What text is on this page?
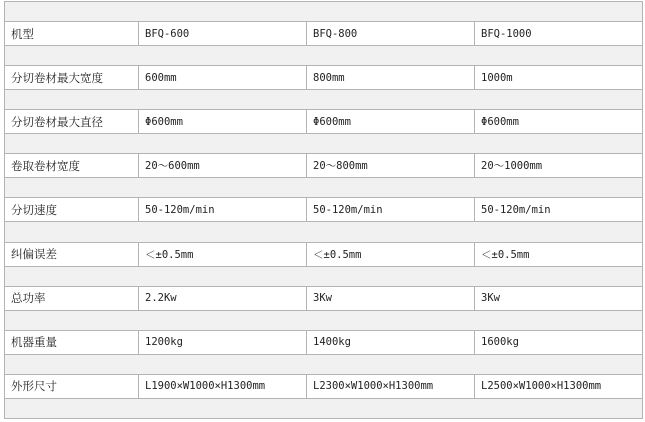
机型	BFQ-600	BFQ-800	BFQ-1000

分切卷材最大宽度	600mm	800mm	1000m

分切卷材最大直径	Φ600mm	Φ600mm	Φ600mm

卷取卷材宽度	20～600mm	20～800mm	20～1000mm

分切速度	50-120m/min	50-120m/min	50-120m/min

纠偏误差	＜±0.5mm	＜±0.5mm	＜±0.5mm

总功率	2.2Kw	3Kw	3Kw

机器重量	1200kg	1400kg	1600kg

外形尺寸	L1900×W1000×H1300mm	L2300×W1000×H1300mm	L2500×W1000×H1300mm
